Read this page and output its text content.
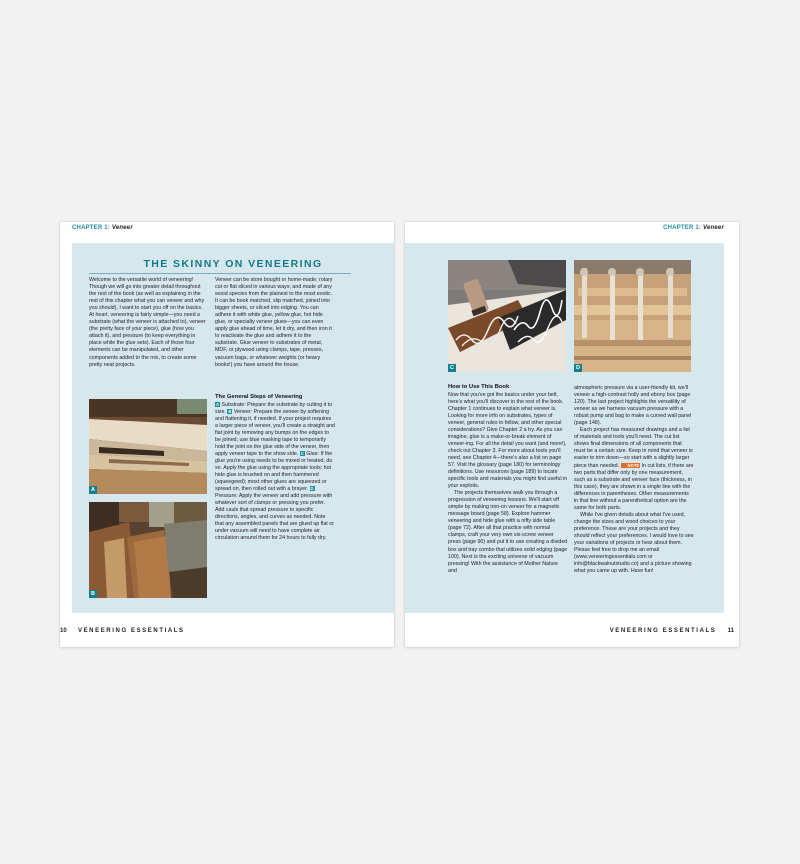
CHAPTER 1: Veneer
THE SKINNY ON VENEERING

Welcome to the versatile world of veneering! Though we will go into greater detail throughout the rest of the book (as well as explaining in the rest of this chapter what you can veneer and why you should), I want to start you off on the basics. At heart, veneering is fairly simple—you need a substrate (what the veneer is attached to), veneer (the pretty face of your piece), glue (how you attach it), and pressure (to keep everything in place while the glue sets). Each of those four elements can be manipulated, and other components added to the mix, to create some pretty neat projects.

Veneer can be store bought or home-made; rotary cut or flat sliced in various ways; and made of any wood species from the plainest to the most exotic. It can be book matched, slip matched, joined into bigger sheets, or sliced into edging. You can adhere it with white glue, yellow glue, hot hide glue, or specialty veneer glues—you can even apply glue ahead of time, let it dry, and then iron it to reactivate the glue and adhere it to the substrate. Glue veneer to substrates of metal, MDF, or plywood using clamps, tape, presses, vacuum bags, or whatever weights (or heavy books!) you have around the house.

A
B
The General Steps of Veneering

A Substrate: Prepare the substrate by cutting it to size. B Veneer: Prepare the veneer by softening and flattening it, if needed. If your project requires a larger piece of veneer, you'll create a straight and flat joint by removing any bumps on the edges to be joined; use blue masking tape to temporarily hold the joint on the glue side of the veneer, then apply veneer tape to the show side. C Glue: If the glue you're using needs to be mixed or heated, do so. Apply the glue using the appropriate tools: hot hide glue is brushed on and then hammered (squeegeed); most other glues are squeezed or spread on, then rolled out with a brayer. D Pressure: Apply the veneer and add pressure with whatever sort of clamps or pressing you prefer. Add cauls that spread pressure to specific directions, angles, and curves as needed. Note that any assembled panels that are glued up flat or under vacuum will need to have complete air circulation around them for 24 hours to fully dry.

10 VENEERING ESSENTIALS
CHAPTER 1: Veneer
C	D
How to Use This Book

Now that you've got the basics under your belt, here's what you'll discover in the rest of the book. Chapter 1 continues to explain what veneer is. Looking for more info on substrates, types of veneer, general rules to follow, and other special considerations? Give Chapter 2 a try. As you can imagine, glue is a make-or-break element of veneer-ing. For all the detail you want (and more!), check out Chapter 3. For more about tools you'll need, see Chapter 4—there's also a list on page 57. Visit the glossary (page 180) for terminology definitions. Use resources (page 189) to locate specific tools and materials you might find useful in your exploits.

The projects themselves walk you through a progression of veneering lessons. We'll start off simple by making iron-on veneer for a magnetic message board (page 58). Explore hammer veneering and hide glue with a nifty side table (page 72). After all that practice with normal clamps, craft your very own six-screw veneer press (page 90) and put it to use creating a divided box and tray combo that utilizes solid edging (page 100). Next is the exciting universe of vacuum pressing! With the assistance of Mother Nature and

atmospheric pressure via a user-friendly kit, we'll veneer a high-contrast holly and ebony box (page 120). The last project highlights the versatility of veneer as we harness vacuum pressure with a robust pump and bag to make a curved wall panel (page 148).

Each project has measured drawings and a list of materials and tools you'll need. The cut list shows final dimensions of all components that must be a certain size. Keep in mind that veneer is easier to trim down—so start with a slightly larger piece than needed. NOTE In cut lists, if there are two parts that differ only by one measurement, such as a substrate and veneer face (thickness, in this case), they are shown in a single line with the differences in parentheses. Other measurements in that line without a parenthetical option are the same for both parts.

While I've given details about what I've used, change the sizes and wood choices to your preference. These are your projects and they should reflect your preferences. I would love to see your variations of projects or hear about them. Please feel free to drop me an email (www.veneeringessentials.com or info@blackwalnutstudio.co) and a picture showing what you came up with. Have fun!

VENEERING ESSENTIALS 11
